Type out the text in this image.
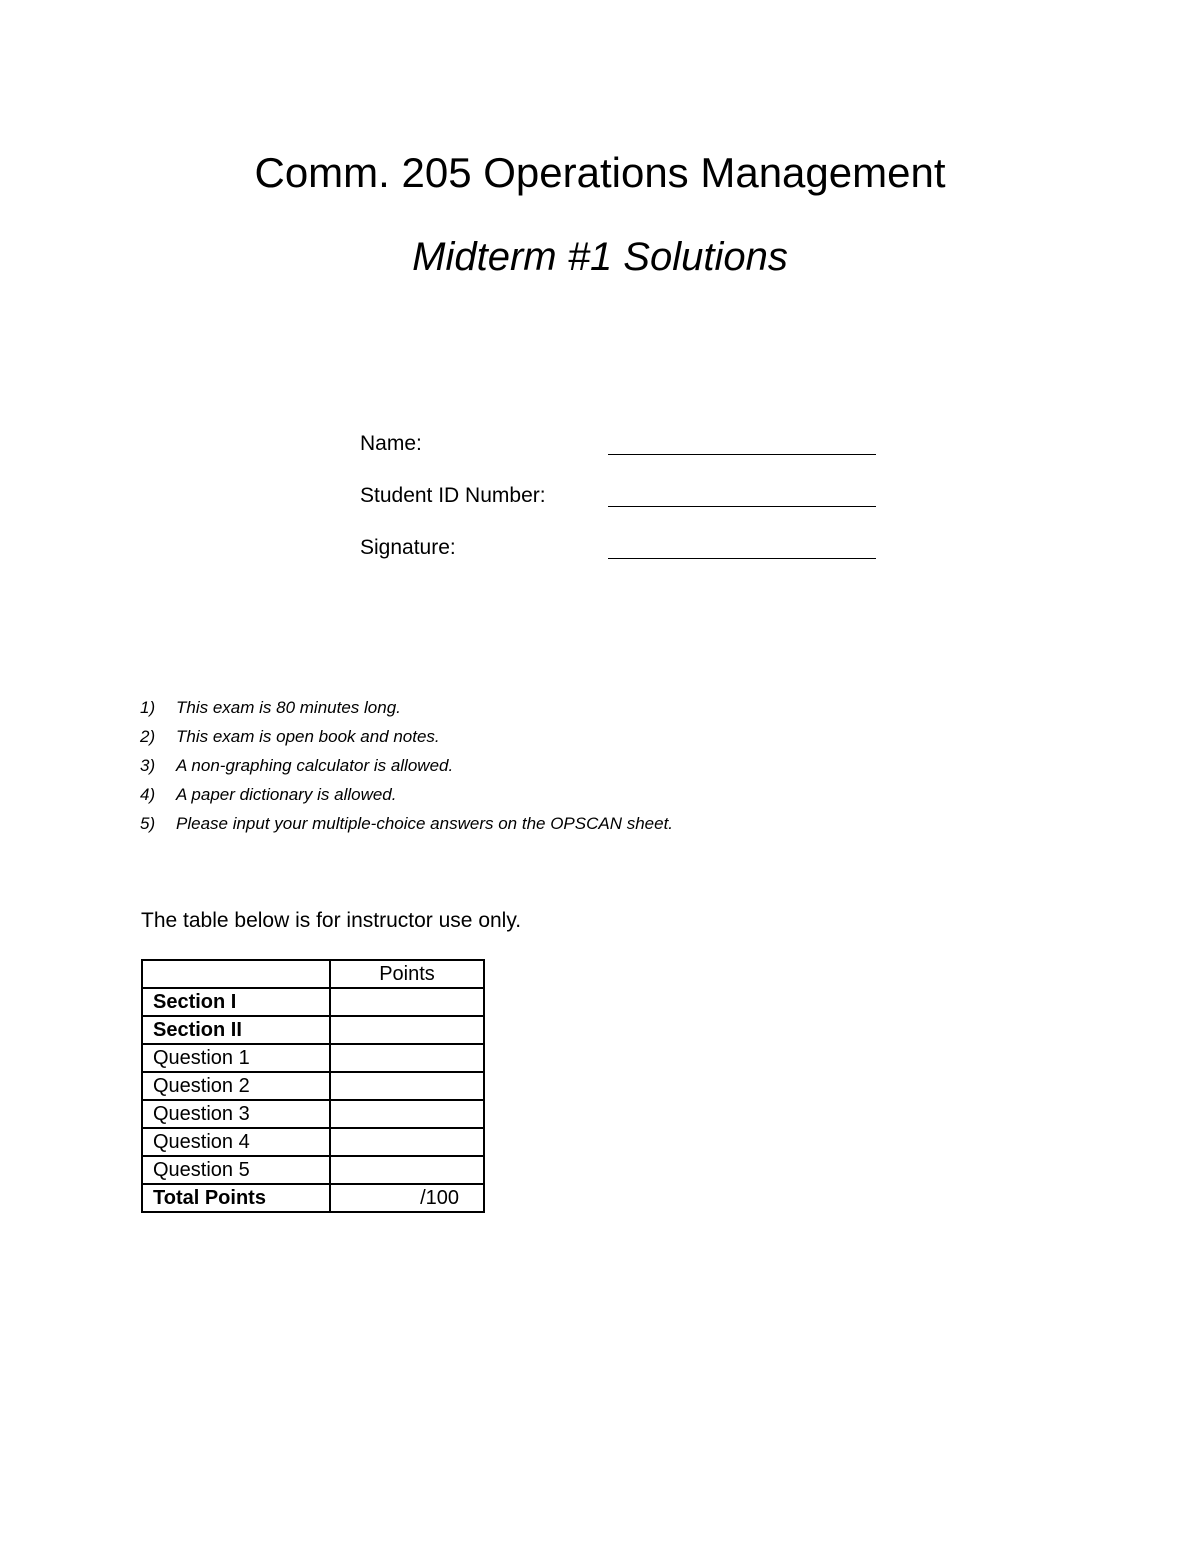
Comm. 205 Operations Management
Midterm #1 Solutions
Name:
Student ID Number:
Signature:
1) This exam is 80 minutes long.
2) This exam is open book and notes.
3) A non-graphing calculator is allowed.
4) A paper dictionary is allowed.
5) Please input your multiple-choice answers on the OPSCAN sheet.
The table below is for instructor use only.
	Points
Section I	
Section II	
Question 1	
Question 2	
Question 3	
Question 4	
Question 5	
Total Points	/100
